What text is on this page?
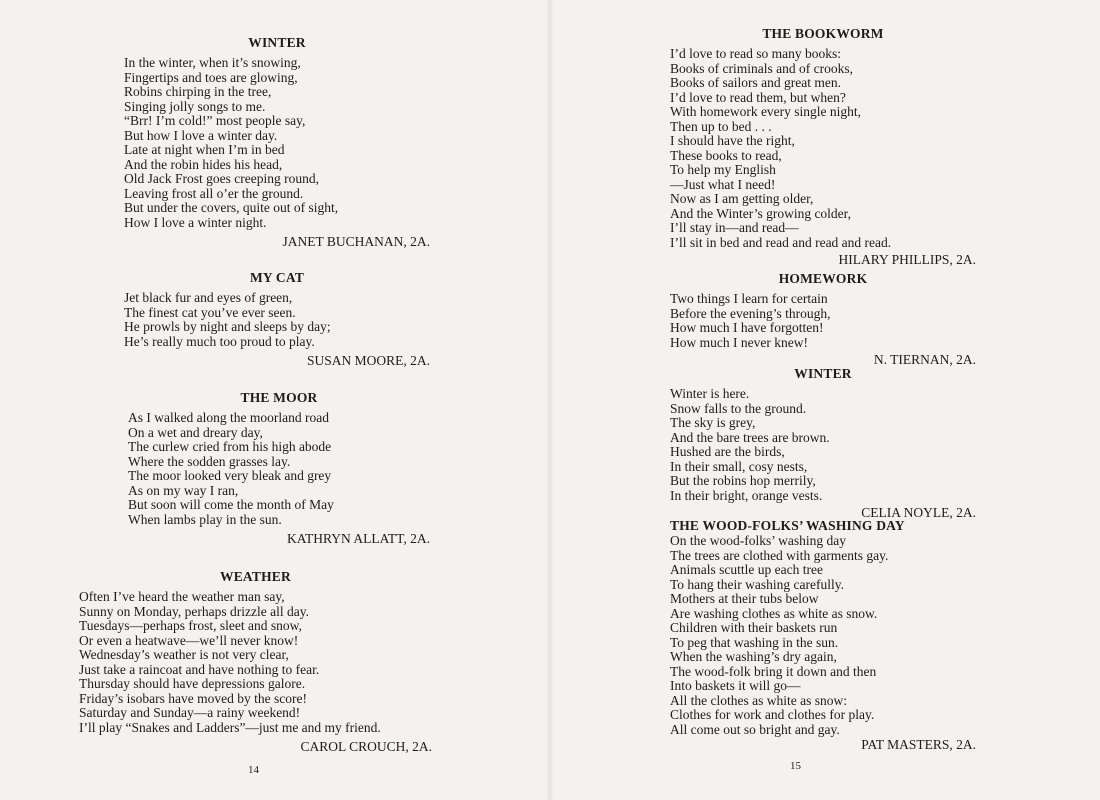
WINTER
In the winter, when it’s snowing,
Fingertips and toes are glowing,
Robins chirping in the tree,
Singing jolly songs to me.
“Brr! I’m cold!” most people say,
But how I love a winter day.
Late at night when I’m in bed
And the robin hides his head,
Old Jack Frost goes creeping round,
Leaving frost all o’er the ground.
But under the covers, quite out of sight,
How I love a winter night.
JANET BUCHANAN, 2A.
MY CAT
Jet black fur and eyes of green,
The finest cat you’ve ever seen.
He prowls by night and sleeps by day;
He’s really much too proud to play.
SUSAN MOORE, 2A.
THE MOOR
As I walked along the moorland road
On a wet and dreary day,
The curlew cried from his high abode
Where the sodden grasses lay.
The moor looked very bleak and grey
As on my way I ran,
But soon will come the month of May
When lambs play in the sun.
KATHRYN ALLATT, 2A.
WEATHER
Often I’ve heard the weather man say,
Sunny on Monday, perhaps drizzle all day.
Tuesdays—perhaps frost, sleet and snow,
Or even a heatwave—we’ll never know!
Wednesday’s weather is not very clear,
Just take a raincoat and have nothing to fear.
Thursday should have depressions galore.
Friday’s isobars have moved by the score!
Saturday and Sunday—a rainy weekend!
I’ll play “Snakes and Ladders”—just me and my friend.
CAROL CROUCH, 2A.
14
THE BOOKWORM
I’d love to read so many books:
Books of criminals and of crooks,
Books of sailors and great men.
I’d love to read them, but when?
With homework every single night,
Then up to bed . . .
I should have the right,
These books to read,
To help my English
—Just what I need!
Now as I am getting older,
And the Winter’s growing colder,
I’ll stay in—and read—
I’ll sit in bed and read and read and read.
HILARY PHILLIPS, 2A.
HOMEWORK
Two things I learn for certain
Before the evening’s through,
How much I have forgotten!
How much I never knew!
N. TIERNAN, 2A.
WINTER
Winter is here.
Snow falls to the ground.
The sky is grey,
And the bare trees are brown.
Hushed are the birds,
In their small, cosy nests,
But the robins hop merrily,
In their bright, orange vests.
CELIA NOYLE, 2A.
THE WOOD-FOLKS’ WASHING DAY
On the wood-folks’ washing day
The trees are clothed with garments gay.
Animals scuttle up each tree
To hang their washing carefully.
Mothers at their tubs below
Are washing clothes as white as snow.
Children with their baskets run
To peg that washing in the sun.
When the washing’s dry again,
The wood-folk bring it down and then
Into baskets it will go—
All the clothes as white as snow:
Clothes for work and clothes for play.
All come out so bright and gay.
PAT MASTERS, 2A.
15
